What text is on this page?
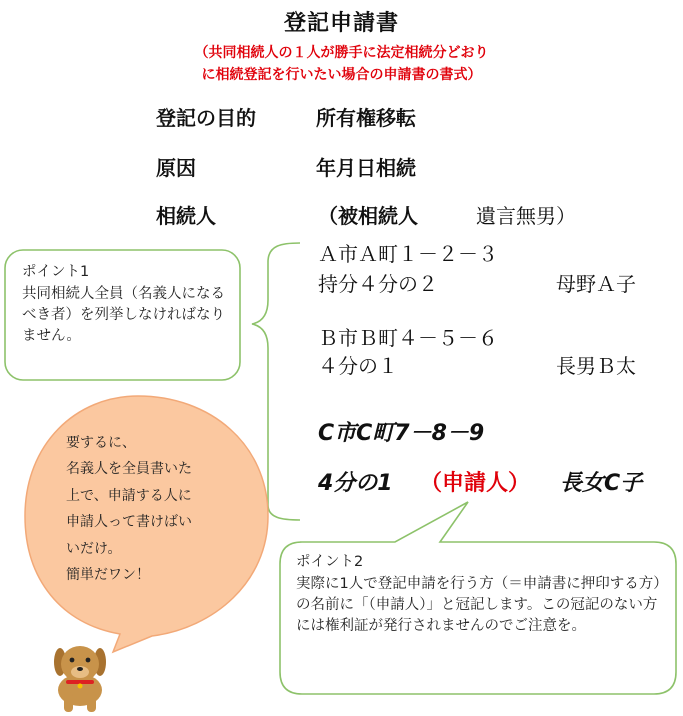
登記申請書
（共同相続人の１人が勝手に法定相続分どおり
に相続登記を行いたい場合の申請書の書式）
登記の目的	所有権移転
原因	年月日相続
相続人	（被相続人　 遺言無男）
Ａ市Ａ町１－２－３
持分４分の２	母野Ａ子
Ｂ市Ｂ町４－５－６
４分の１	長男Ｂ太
C市C町7－8－9
4分の1 （申請人） 長女C子
ポイント1
共同相続人全員（名義人になるべき者）を列挙しなければなりません。
要するに、
名義人を全員書いた
上で、申請する人に
申請人って書けばい
いだけ。
簡単だワン！
ポイント2
実際に1人で登記申請を行う方（＝申請書に押印する方）の名前に「（申請人）」と冠記します。この冠記のない方には権利証が発行されませんのでご注意を。
